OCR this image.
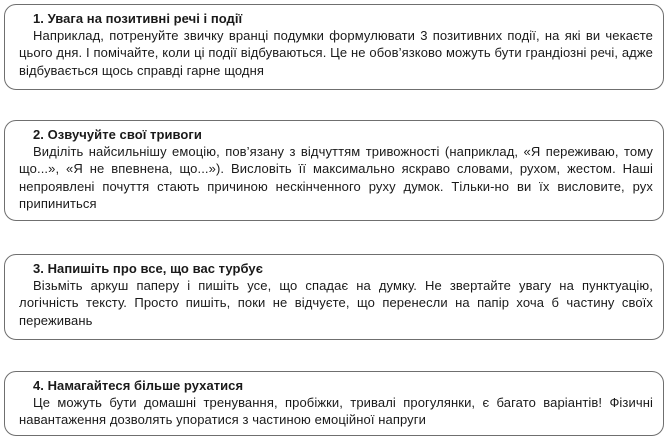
1. Увага на позитивні речі і події

Наприклад, потренуйте звичку вранці подумки формулювати 3 позитивних події, на які ви чекаєте цього дня. І помічайте, коли ці події відбуваються. Це не обов’язково можуть бути грандіозні речі, адже відбувається щось справді гарне щодня

2. Озвучуйте свої тривоги

Виділіть найсильнішу емоцію, пов’язану з відчуттям тривожності (наприклад, «Я переживаю, тому що...», «Я не впевнена, що...»). Висловіть її максимально яскраво словами, рухом, жестом. Наші непроявлені почуття стають причиною нескінченного руху думок. Тільки-но ви їх висловите, рух припиниться

3. Напишіть про все, що вас турбує

Візьміть аркуш паперу і пишіть усе, що спадає на думку. Не звертайте увагу на пунктуацію, логічність тексту. Просто пишіть, поки не відчуєте, що перенесли на папір хоча б частину своїх переживань

4. Намагайтеся більше рухатися

Це можуть бути домашні тренування, пробіжки, тривалі прогулянки, є багато варіантів! Фізичні навантаження дозволять упоратися з частиною емоційної напруги
